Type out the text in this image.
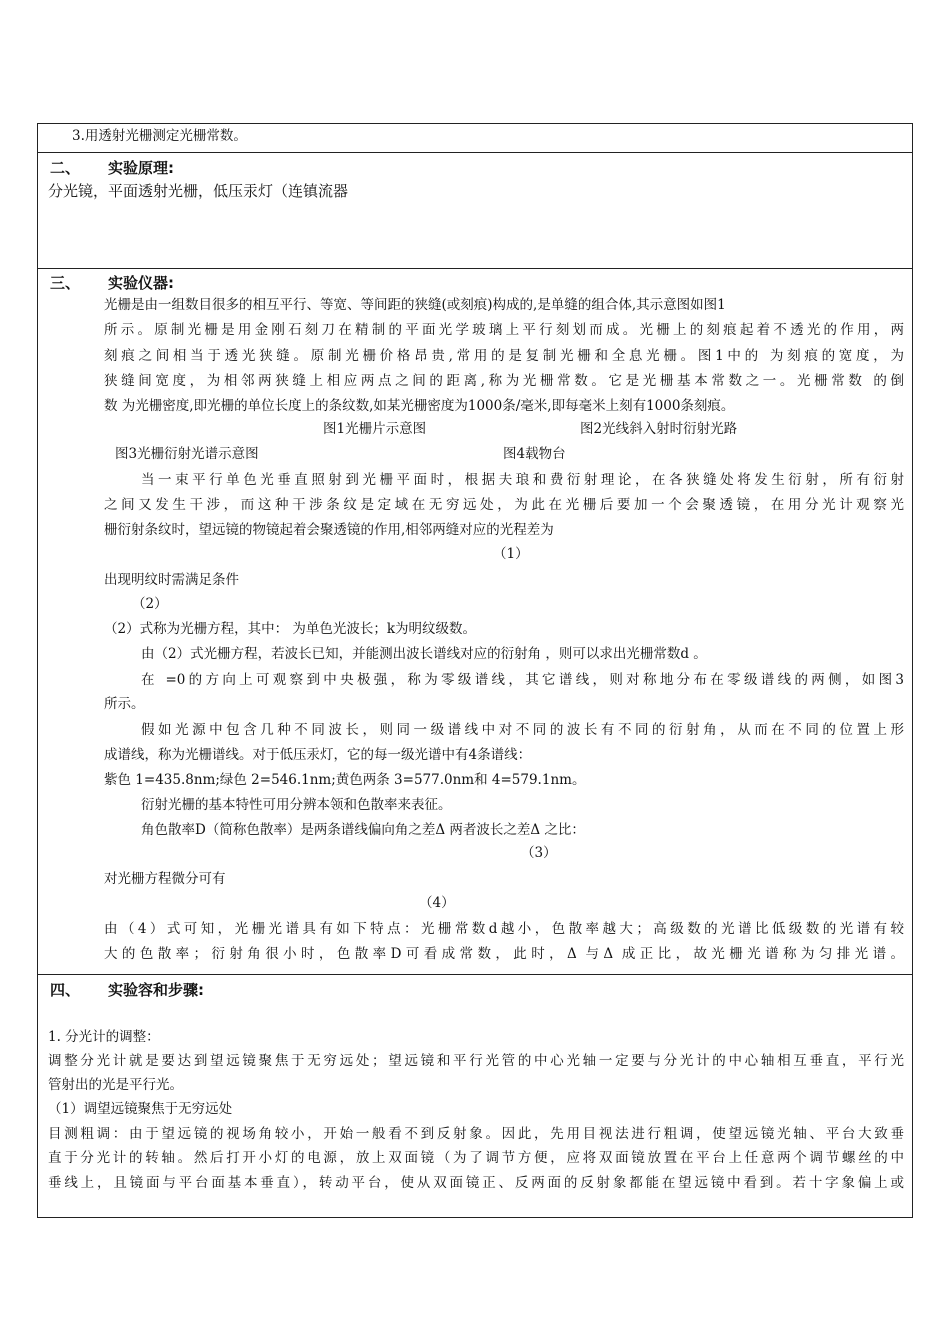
3.用透射光栅测定光栅常数。
二、 实验原理:
分光镜，平面透射光栅，低压汞灯（连镇流器
三、 实验仪器:
光栅是由一组数目很多的相互平行、等宽、等间距的狭缝(或刻痕)构成的,是单缝的组合体,其示意图如图1
所示。原制光栅是用金刚石刻刀在精制的平面光学玻璃上平行刻划而成。光栅上的刻痕起着不透光的作用，两
刻痕之间相当于透光狭缝。原制光栅价格昂贵,常用的是复制光栅和全息光栅。图1中的 为刻痕的宽度，为
狭缝间宽度，为相邻两狭缝上相应两点之间的距离,称为光栅常数。它是光栅基本常数之一。光栅常数 的倒
数 为光栅密度,即光栅的单位长度上的条纹数,如某光栅密度为1000条/毫米,即每毫米上刻有1000条刻痕。
图1光栅片示意图	图2光线斜入射时衍射光路
图3光栅衍射光谱示意图	图4载物台
当一束平行单色光垂直照射到光栅平面时，根据夫琅和费衍射理论，在各狭缝处将发生衍射，所有衍射
之间又发生干涉，而这种干涉条纹是定域在无穷远处，为此在光栅后要加一个会聚透镜，在用分光计观察光
栅衍射条纹时，望远镜的物镜起着会聚透镜的作用,相邻两缝对应的光程差为
（1）
出现明纹时需满足条件
（2）
（2）式称为光栅方程，其中： 为单色光波长；k为明纹级数。
由（2）式光栅方程，若波长已知，并能测出波长谱线对应的衍射角 ，则可以求出光栅常数d 。
在 =0的方向上可观察到中央极强，称为零级谱线，其它谱线，则对称地分布在零级谱线的两侧，如图3
所示。
假如光源中包含几种不同波长，则同一级谱线中对不同的波长有不同的衍射角，从而在不同的位置上形
成谱线，称为光栅谱线。对于低压汞灯，它的每一级光谱中有4条谱线：
紫色 1=435.8nm;绿色 2=546.1nm;黄色两条 3=577.0nm和 4=579.1nm。
衍射光栅的基本特性可用分辨本领和色散率来表征。
角色散率D（简称色散率）是两条谱线偏向角之差Δ 两者波长之差Δ 之比：
（3）
对光栅方程微分可有
（4）
由（4）式可知，光栅光谱具有如下特点：光栅常数d越小，色散率越大；高级数的光谱比低级数的光谱有较
大的色散率；衍射角很小时，色散率D可看成常数，此时，Δ 与Δ 成正比，故光栅光谱称为匀排光谱。
四、 实验容和步骤:
1. 分光计的调整：
调整分光计就是要达到望远镜聚焦于无穷远处；望远镜和平行光管的中心光轴一定要与分光计的中心轴相互垂直，平行光
管射出的光是平行光。
（1）调望远镜聚焦于无穷远处
目测粗调：由于望远镜的视场角较小，开始一般看不到反射象。因此，先用目视法进行粗调，使望远镜光轴、平台大致垂
直于分光计的转轴。然后打开小灯的电源，放上双面镜（为了调节方便，应将双面镜放置在平台上任意两个调节螺丝的中
垂线上，且镜面与平台面基本垂直），转动平台，使从双面镜正、反两面的反射象都能在望远镜中看到。若十字象偏上或
